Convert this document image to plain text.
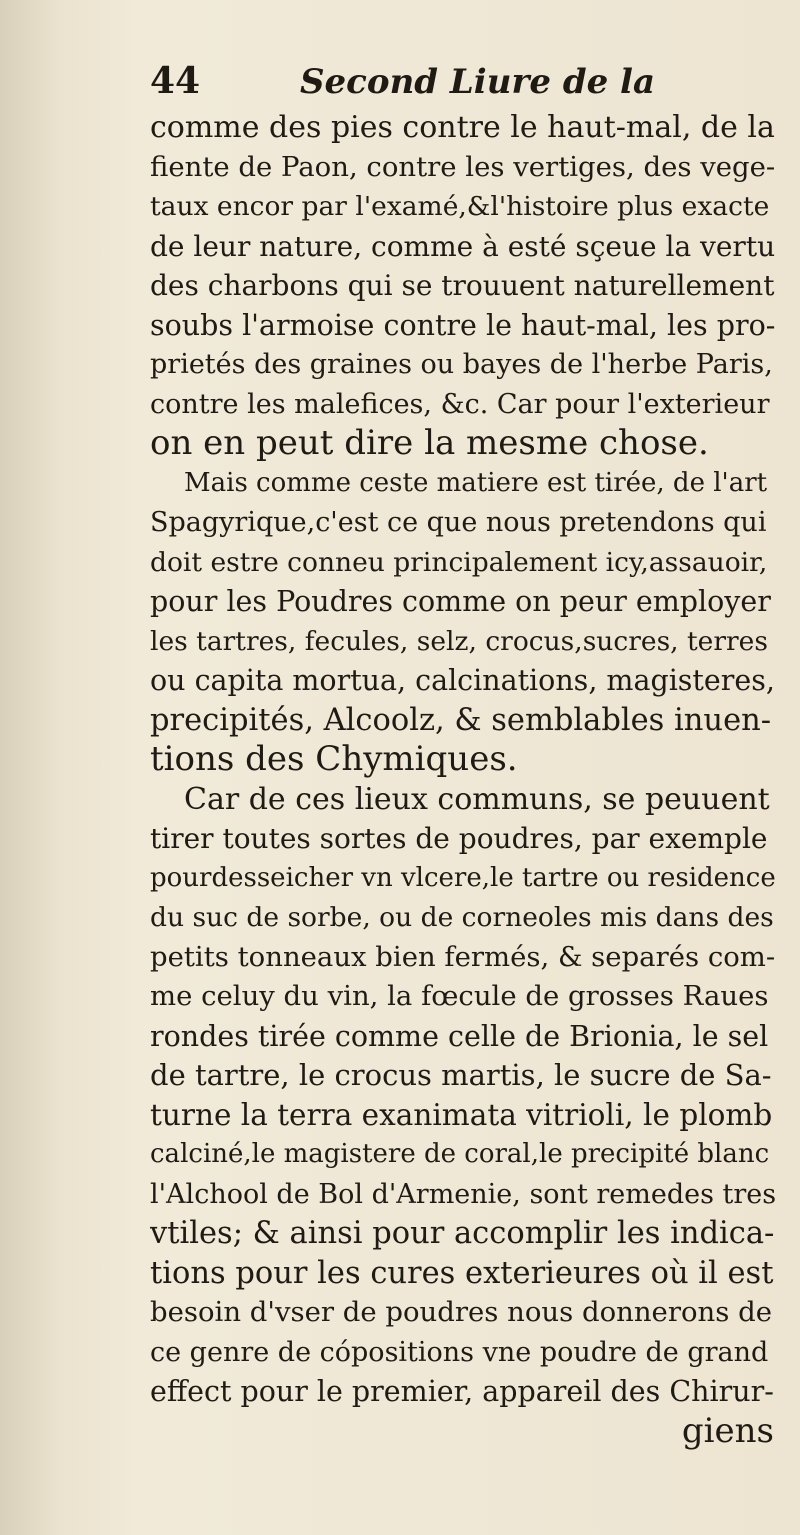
44	Second Liure de la
comme des pies contre le haut-mal, de la
fiente de Paon, contre les vertiges, des vege-
taux encor par l'examé,&l'histoire plus exacte
de leur nature, comme à esté sçeue la vertu
des charbons qui se trouuent naturellement
soubs l'armoise contre le haut-mal, les pro-
prietés des graines ou bayes de l'herbe Paris,
contre les malefices, &c. Car pour l'exterieur
on en peut dire la mesme chose.
Mais comme ceste matiere est tirée, de l'art
Spagyrique,c'est ce que nous pretendons qui
doit estre conneu principalement icy,assauoir,
pour les Poudres comme on peur employer
les tartres, fecules, selz, crocus,sucres, terres
ou capita mortua, calcinations, magisteres,
precipités, Alcoolz, & semblables inuen-
tions des Chymiques.
Car de ces lieux communs, se peuuent
tirer toutes sortes de poudres, par exemple
pourdesseicher vn vlcere,le tartre ou residence
du suc de sorbe, ou de corneoles mis dans des
petits tonneaux bien fermés, & separés com-
me celuy du vin, la fœcule de grosses Raues
rondes tirée comme celle de Brionia, le sel
de tartre, le crocus martis, le sucre de Sa-
turne la terra exanimata vitrioli, le plomb
calciné,le magistere de coral,le precipité blanc
l'Alchool de Bol d'Armenie, sont remedes tres
vtiles; & ainsi pour accomplir les indica-
tions pour les cures exterieures où il est
besoin d'vser de poudres nous donnerons de
ce genre de cópositions vne poudre de grand
effect pour le premier, appareil des Chirur-
giens
